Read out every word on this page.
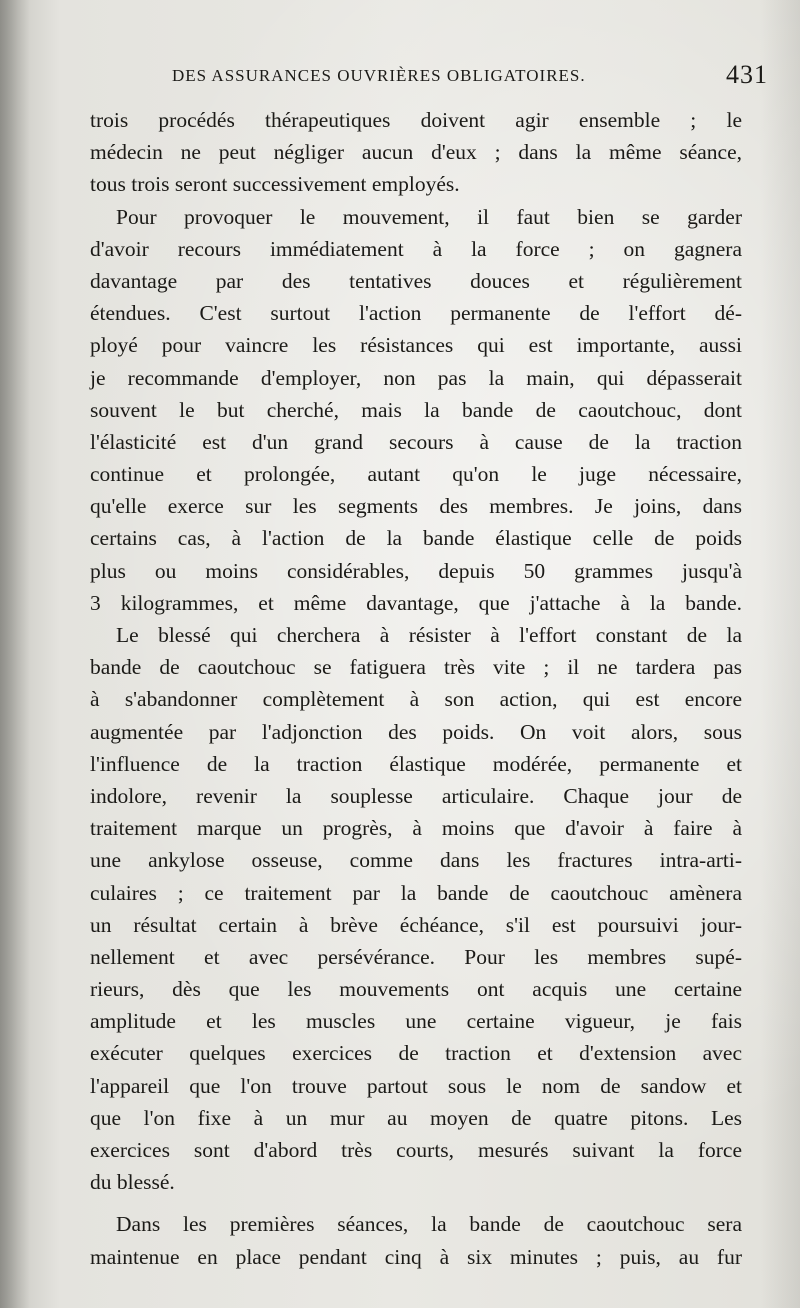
DES ASSURANCES OUVRIÈRES OBLIGATOIRES.	431
trois procédés thérapeutiques doivent agir ensemble ; le
médecin ne peut négliger aucun d'eux ; dans la même séance,
tous trois seront successivement employés.
Pour provoquer le mouvement, il faut bien se garder
d'avoir recours immédiatement à la force ; on gagnera
davantage par des tentatives douces et régulièrement
étendues. C'est surtout l'action permanente de l'effort dé-
ployé pour vaincre les résistances qui est importante, aussi
je recommande d'employer, non pas la main, qui dépasserait
souvent le but cherché, mais la bande de caoutchouc, dont
l'élasticité est d'un grand secours à cause de la traction
continue et prolongée, autant qu'on le juge nécessaire,
qu'elle exerce sur les segments des membres. Je joins, dans
certains cas, à l'action de la bande élastique celle de poids
plus ou moins considérables, depuis 50 grammes jusqu'à
3 kilogrammes, et même davantage, que j'attache à la bande.
Le blessé qui cherchera à résister à l'effort constant de la
bande de caoutchouc se fatiguera très vite ; il ne tardera pas
à s'abandonner complètement à son action, qui est encore
augmentée par l'adjonction des poids. On voit alors, sous
l'influence de la traction élastique modérée, permanente et
indolore, revenir la souplesse articulaire. Chaque jour de
traitement marque un progrès, à moins que d'avoir à faire à
une ankylose osseuse, comme dans les fractures intra-arti-
culaires ; ce traitement par la bande de caoutchouc amènera
un résultat certain à brève échéance, s'il est poursuivi jour-
nellement et avec persévérance. Pour les membres supé-
rieurs, dès que les mouvements ont acquis une certaine
amplitude et les muscles une certaine vigueur, je fais
exécuter quelques exercices de traction et d'extension avec
l'appareil que l'on trouve partout sous le nom de sandow et
que l'on fixe à un mur au moyen de quatre pitons. Les
exercices sont d'abord très courts, mesurés suivant la force
du blessé.
Dans les premières séances, la bande de caoutchouc sera
maintenue en place pendant cinq à six minutes ; puis, au fur
